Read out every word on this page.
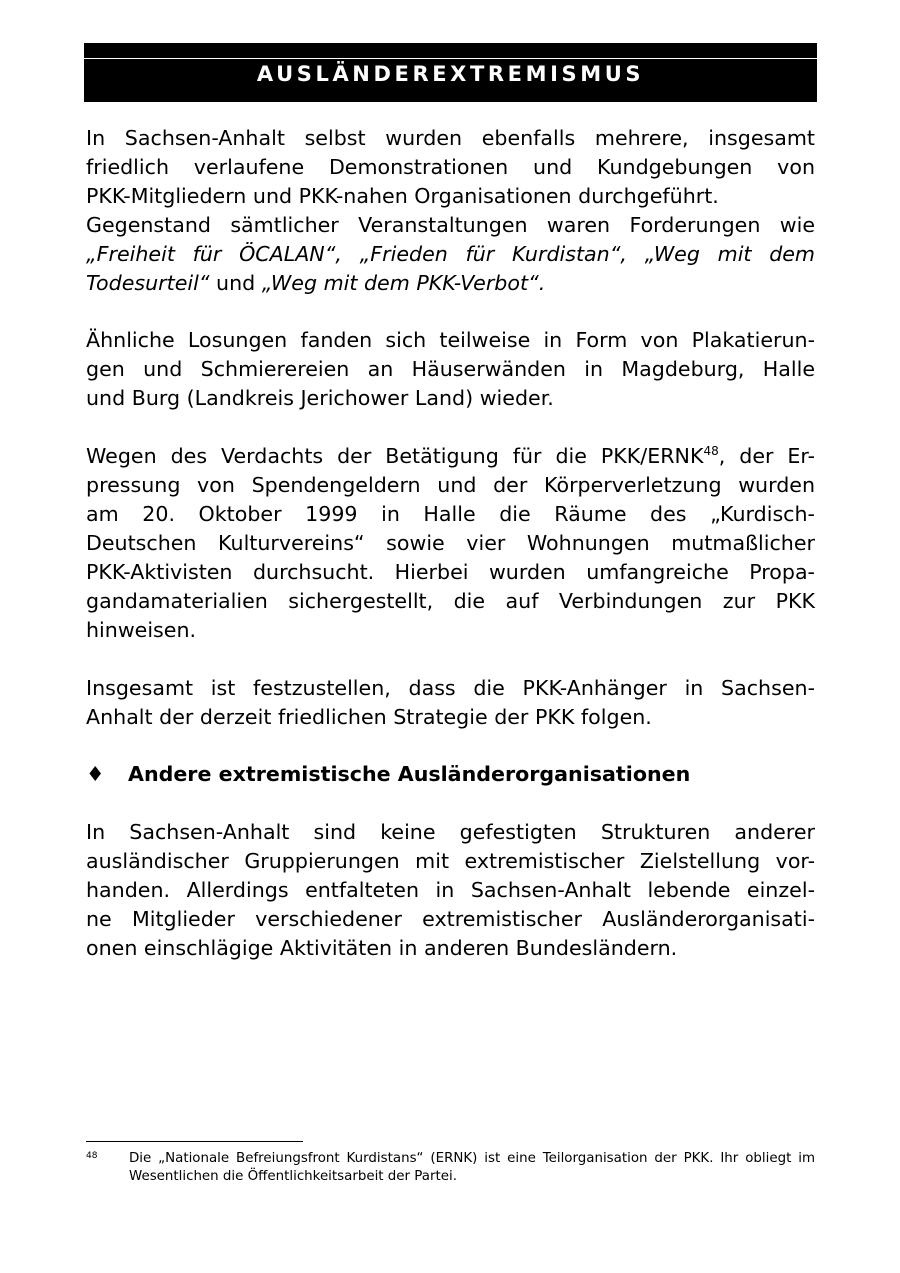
AUSLÄNDEREXTREMISMUS
In Sachsen-Anhalt selbst wurden ebenfalls mehrere, insgesamt
friedlich verlaufene Demonstrationen und Kundgebungen von
PKK-Mitgliedern und PKK-nahen Organisationen durchgeführt.
Gegenstand sämtlicher Veranstaltungen waren Forderungen wie
„Freiheit für ÖCALAN“, „Frieden für Kurdistan“, „Weg mit dem
Todesurteil“ und „Weg mit dem PKK-Verbot“.
Ähnliche Losungen fanden sich teilweise in Form von Plakatierun-
gen und Schmierereien an Häuserwänden in Magdeburg, Halle
und Burg (Landkreis Jerichower Land) wieder.
Wegen des Verdachts der Betätigung für die PKK/ERNK$^{48}$, der Er-
pressung von Spendengeldern und der Körperverletzung wurden
am 20. Oktober 1999 in Halle die Räume des „Kurdisch-
Deutschen Kulturvereins“ sowie vier Wohnungen mutmaßlicher
PKK-Aktivisten durchsucht. Hierbei wurden umfangreiche Propa-
gandamaterialien sichergestellt, die auf Verbindungen zur PKK
hinweisen.
Insgesamt ist festzustellen, dass die PKK-Anhänger in Sachsen-
Anhalt der derzeit friedlichen Strategie der PKK folgen.
♦ Andere extremistische Ausländerorganisationen
In Sachsen-Anhalt sind keine gefestigten Strukturen anderer
ausländischer Gruppierungen mit extremistischer Zielstellung vor-
handen. Allerdings entfalteten in Sachsen-Anhalt lebende einzel-
ne Mitglieder verschiedener extremistischer Ausländerorganisati-
onen einschlägige Aktivitäten in anderen Bundesländern.
48 Die „Nationale Befreiungsfront Kurdistans“ (ERNK) ist eine Teilorganisation der PKK. Ihr obliegt im
Wesentlichen die Öffentlichkeitsarbeit der Partei.
